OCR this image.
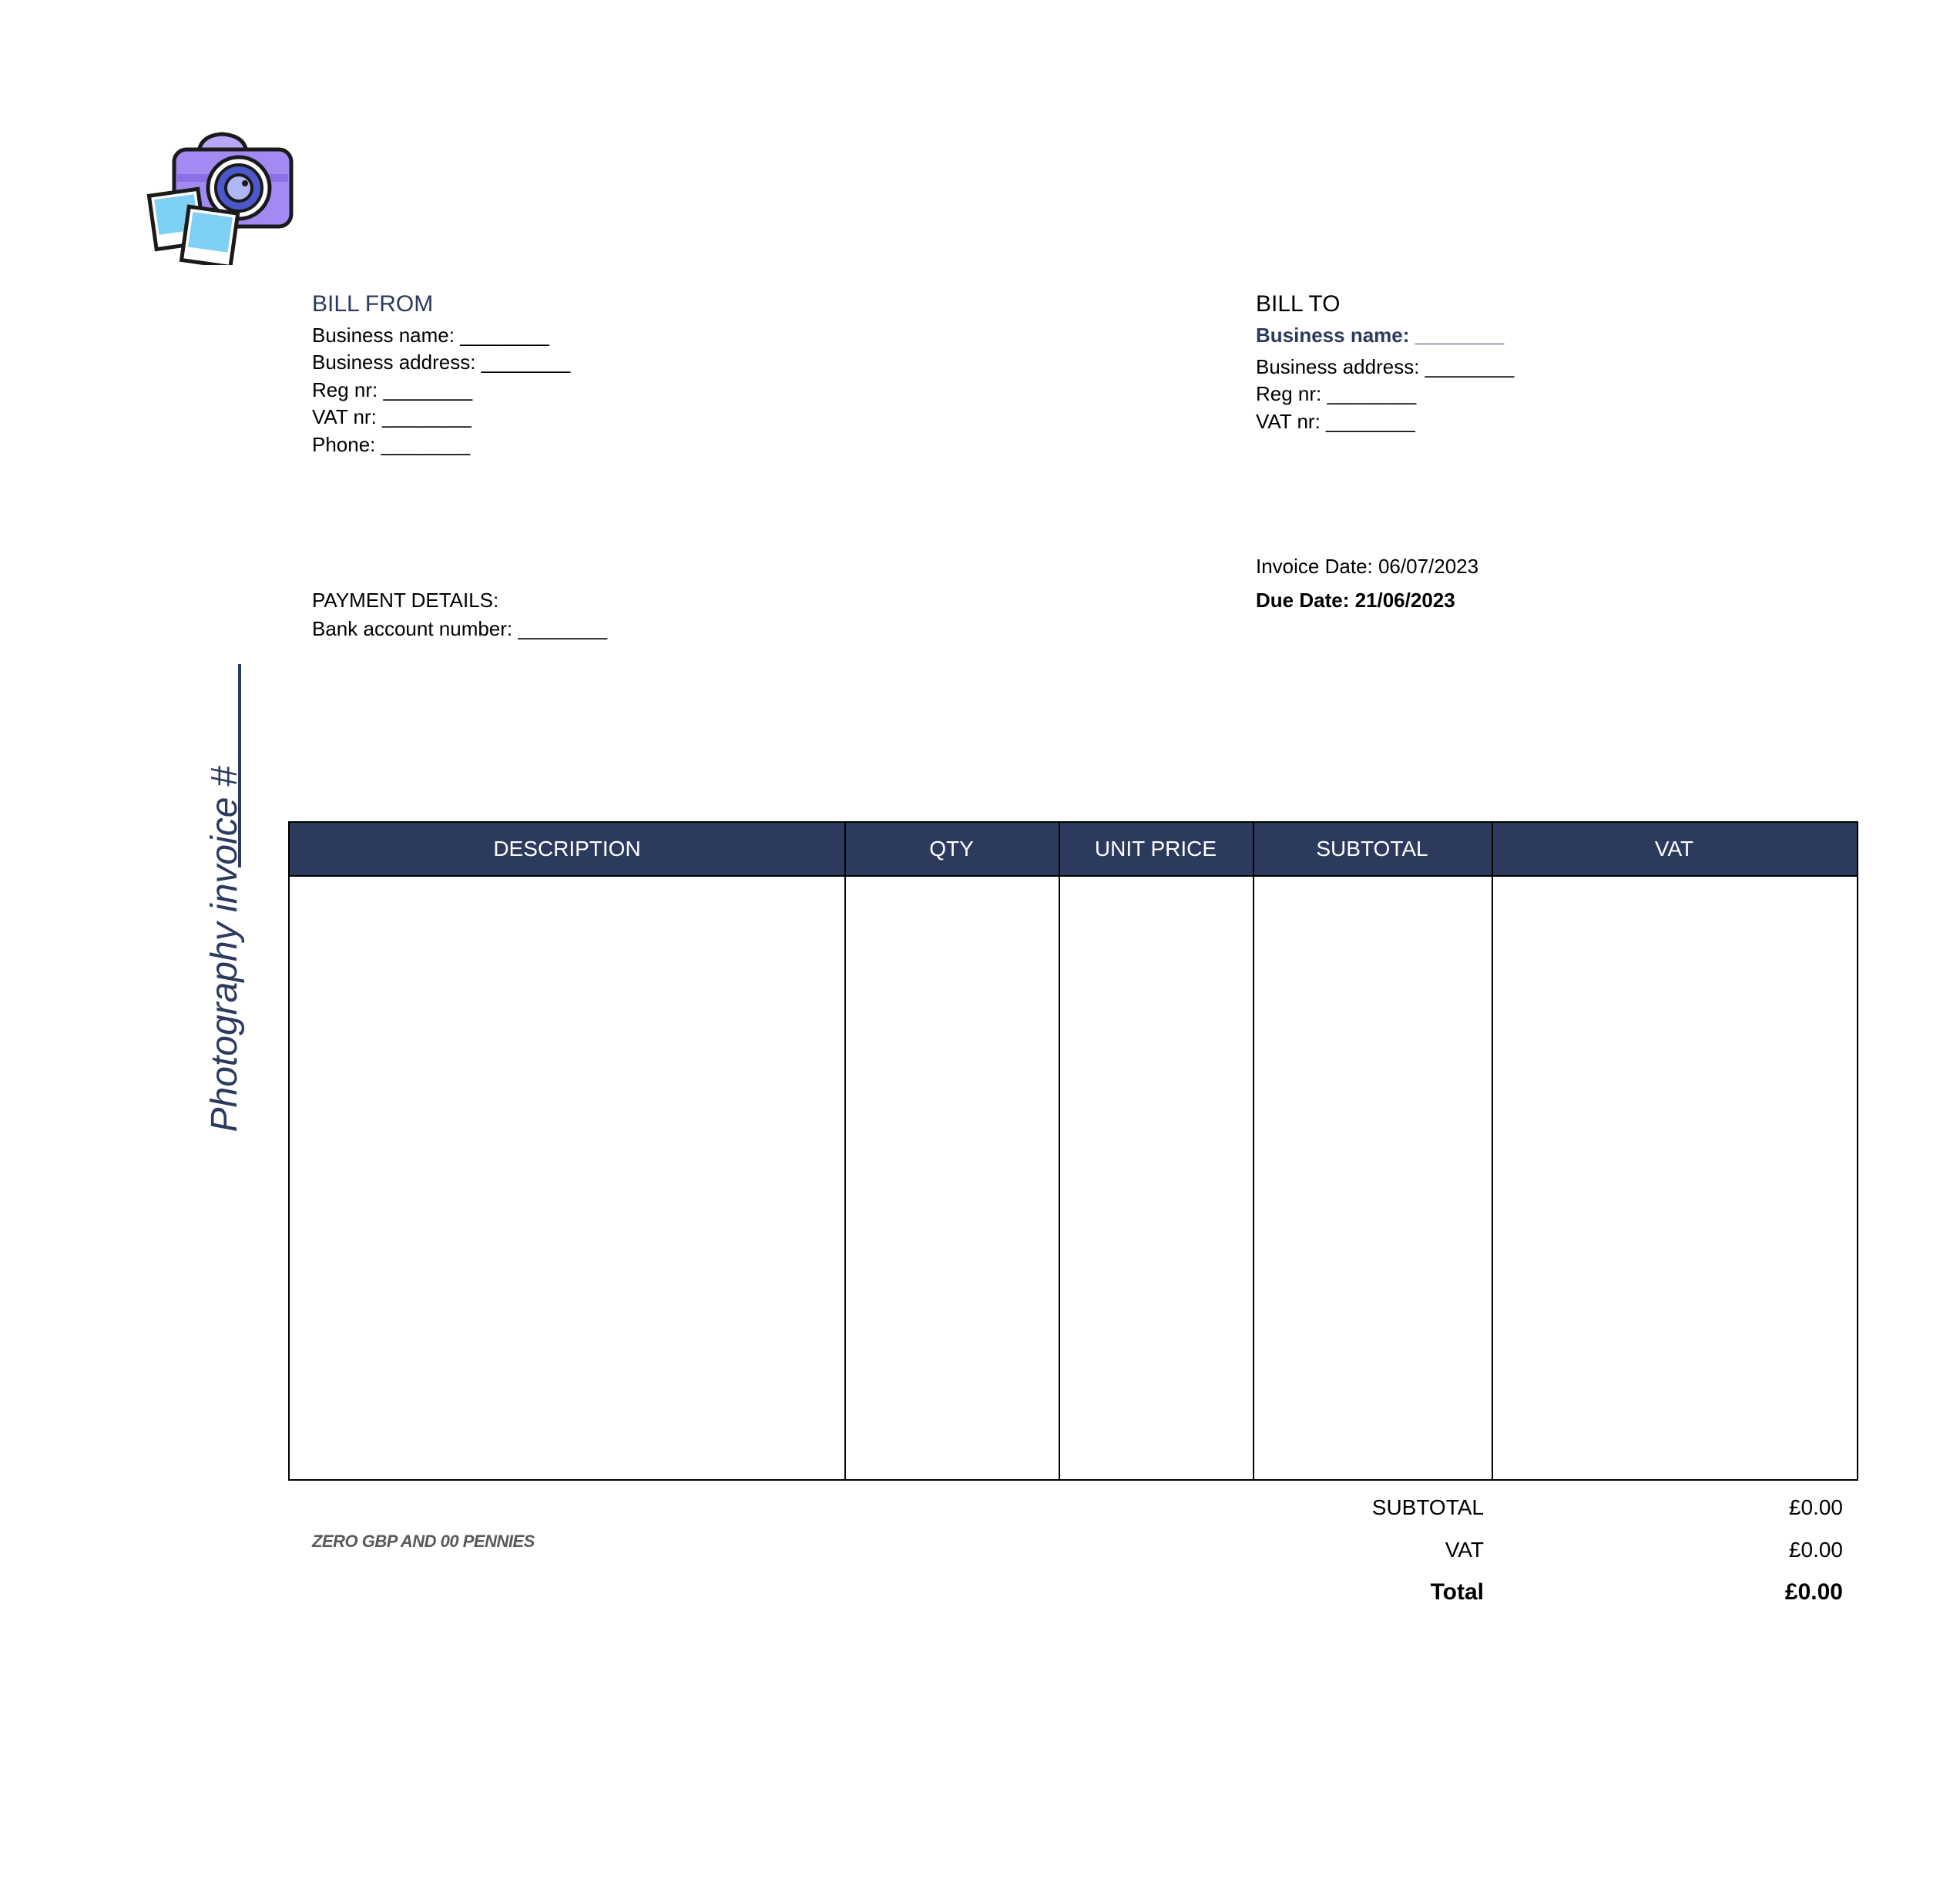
BILL FROM
Business name: ________
Business address: ________
Reg nr: ________
VAT nr: ________
Phone: ________
BILL TO
Business name: ________
Business address: ________
Reg nr: ________
VAT nr: ________
Invoice Date: 06/07/2023
Due Date: 21/06/2023
PAYMENT DETAILS:
Bank account number: ________
Photography invoice #	DESCRIPTION	QTY	UNIT PRICE	SUBTOTAL	VAT
ZERO GBP AND 00 PENNIES
SUBTOTAL	£0.00
VAT	£0.00
Total	£0.00
